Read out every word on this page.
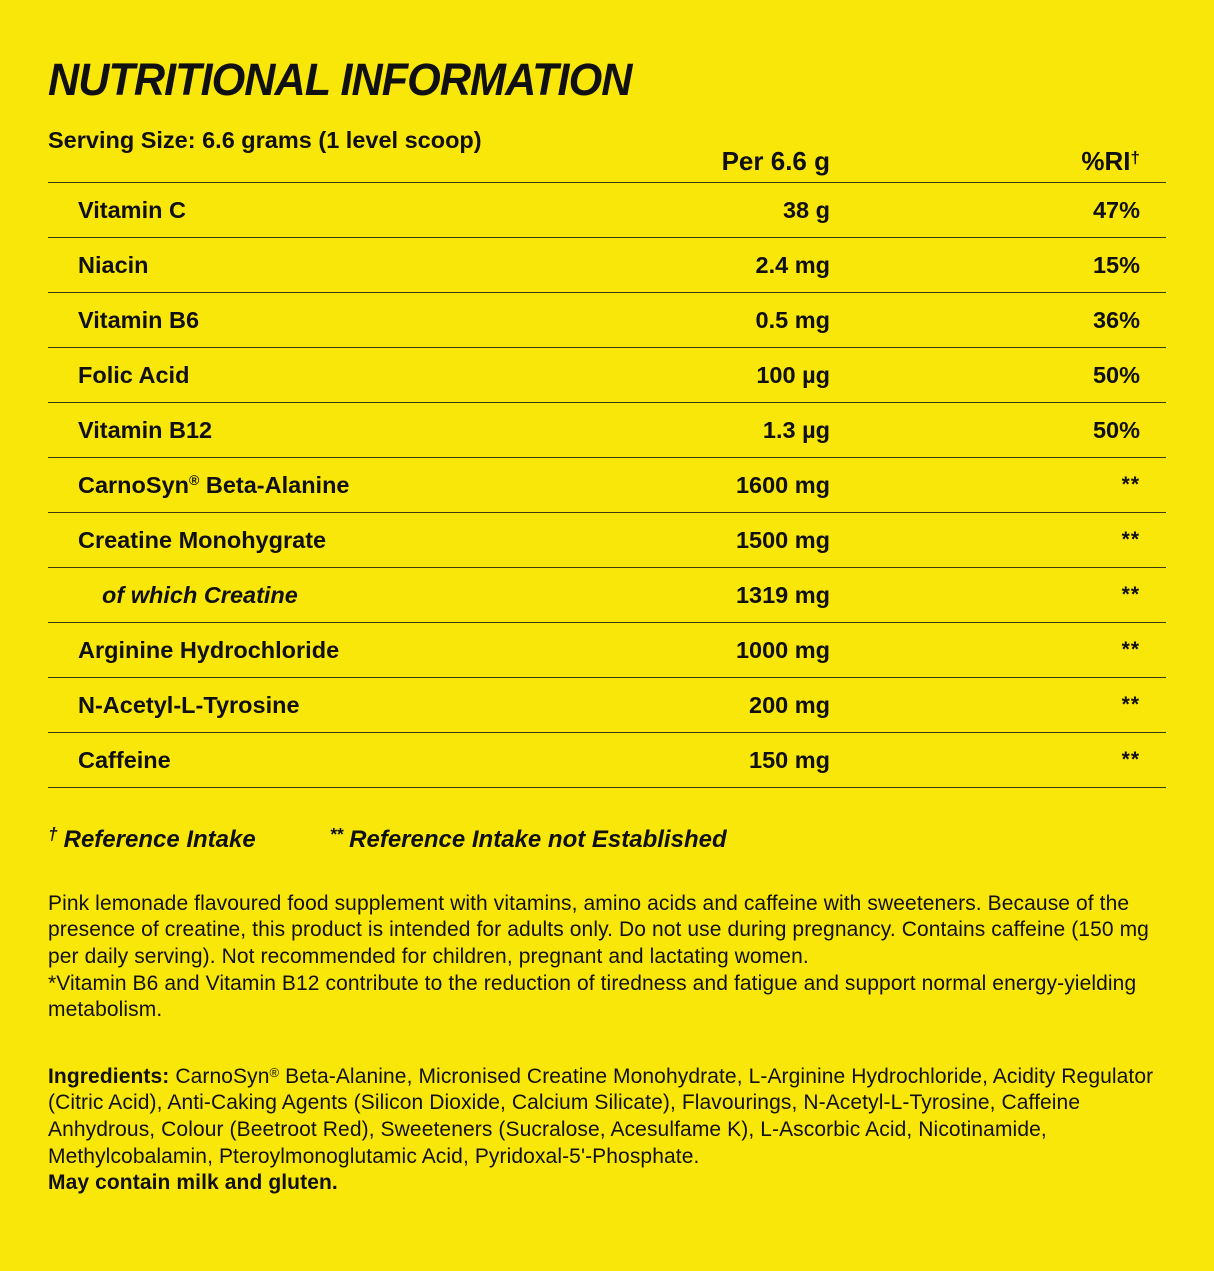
NUTRITIONAL INFORMATION
Serving Size: 6.6 grams (1 level scoop)
Per 6.6 g	%RI†
Vitamin C	38 g	47%
Niacin	2.4 mg	15%
Vitamin B6	0.5 mg	36%
Folic Acid	100 µg	50%
Vitamin B12	1.3 µg	50%
CarnoSyn® Beta-Alanine	1600 mg	**
Creatine Monohygrate	1500 mg	**
of which Creatine	1319 mg	**
Arginine Hydrochloride	1000 mg	**
N-Acetyl-L-Tyrosine	200 mg	**
Caffeine	150 mg	**
† Reference Intake	** Reference Intake not Established
Pink lemonade flavoured food supplement with vitamins, amino acids and caffeine with sweeteners. Because of the presence of creatine, this product is intended for adults only. Do not use during pregnancy. Contains caffeine (150 mg per daily serving). Not recommended for children, pregnant and lactating women.
*Vitamin B6 and Vitamin B12 contribute to the reduction of tiredness and fatigue and support normal energy-yielding metabolism.
Ingredients: CarnoSyn® Beta-Alanine, Micronised Creatine Monohydrate, L-Arginine Hydrochloride, Acidity Regulator (Citric Acid), Anti-Caking Agents (Silicon Dioxide, Calcium Silicate), Flavourings, N-Acetyl-L-Tyrosine, Caffeine Anhydrous, Colour (Beetroot Red), Sweeteners (Sucralose, Acesulfame K), L-Ascorbic Acid, Nicotinamide, Methylcobalamin, Pteroylmonoglutamic Acid, Pyridoxal-5'-Phosphate.
May contain milk and gluten.
